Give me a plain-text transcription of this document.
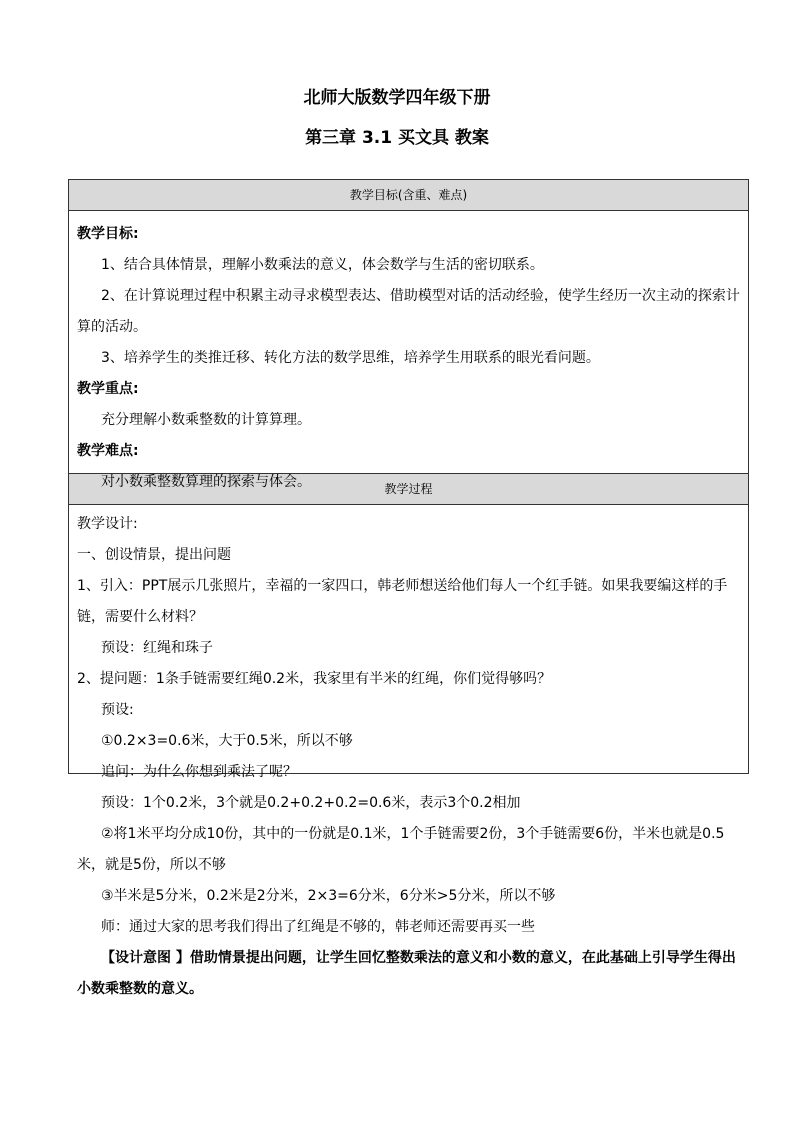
北师大版数学四年级下册
第三章 3.1 买文具 教案
教学目标(含重、难点)
教学目标:
1、结合具体情景，理解小数乘法的意义，体会数学与生活的密切联系。
2、在计算说理过程中积累主动寻求模型表达、借助模型对话的活动经验，使学生经历一次主动的探索计算的活动。
3、培养学生的类推迁移、转化方法的数学思维，培养学生用联系的眼光看问题。
教学重点:
充分理解小数乘整数的计算算理。
教学难点:
对小数乘整数算理的探索与体会。	教学过程
教学设计:
一、创设情景，提出问题
1、引入：PPT展示几张照片，幸福的一家四口，韩老师想送给他们每人一个红手链。如果我要编这样的手链，需要什么材料？
预设：红绳和珠子
2、提问题：1条手链需要红绳0.2米，我家里有半米的红绳，你们觉得够吗？
预设:
①0.2×3=0.6米，大于0.5米，所以不够
追问：为什么你想到乘法了呢？
预设：1个0.2米，3个就是0.2+0.2+0.2=0.6米，表示3个0.2相加
②将1米平均分成10份，其中的一份就是0.1米，1个手链需要2份，3个手链需要6份，半米也就是0.5米，就是5份，所以不够
③半米是5分米，0.2米是2分米，2×3=6分米，6分米>5分米，所以不够
师：通过大家的思考我们得出了红绳是不够的，韩老师还需要再买一些
【设计意图 】借助情景提出问题，让学生回忆整数乘法的意义和小数的意义，在此基础上引导学生得出小数乘整数的意义。
